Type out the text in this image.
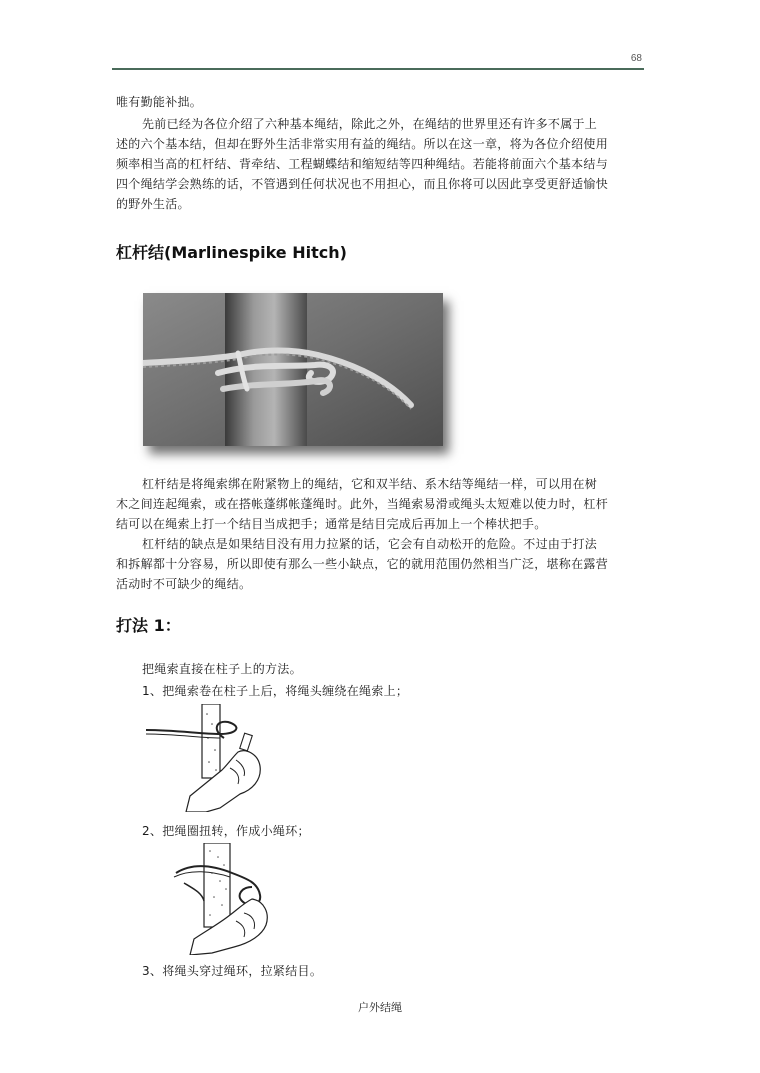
68

唯有勤能补拙。

先前已经为各位介绍了六种基本绳结，除此之外，在绳结的世界里还有许多不属于上
述的六个基本结，但却在野外生活非常实用有益的绳结。所以在这一章，将为各位介绍使用
频率相当高的杠杆结、背牵结、工程蝴蝶结和缩短结等四种绳结。若能将前面六个基本结与
四个绳结学会熟练的话，不管遇到任何状况也不用担心，而且你将可以因此享受更舒适愉快
的野外生活。
杠杆结(Marlinespike Hitch)
杠杆结是将绳索绑在附紧物上的绳结，它和双半结、系木结等绳结一样，可以用在树
木之间连起绳索，或在搭帐蓬绑帐蓬绳时。此外，当绳索易滑或绳头太短难以使力时，杠杆
结可以在绳索上打一个结目当成把手；通常是结目完成后再加上一个棒状把手。
杠杆结的缺点是如果结目没有用力拉紧的话，它会有自动松开的危险。不过由于打法
和拆解都十分容易，所以即使有那么一些小缺点，它的就用范围仍然相当广泛，堪称在露营
活动时不可缺少的绳结。
打法 1：

把绳索直接在柱子上的方法。

1、把绳索卷在柱子上后，将绳头缠绕在绳索上；

2、把绳圈扭转，作成小绳环；

3、将绳头穿过绳环，拉紧结目。

户外结绳
